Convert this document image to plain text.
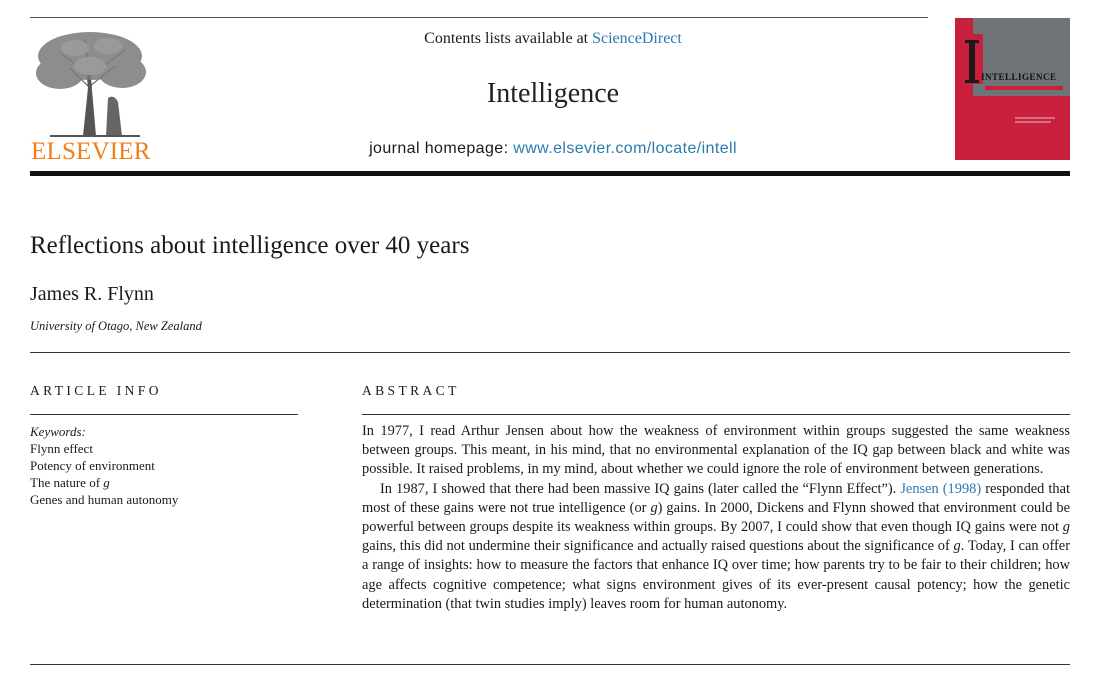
ELSEVIER
Contents lists available at ScienceDirect
Intelligence
journal homepage: www.elsevier.com/locate/intell
INTELLIGENCE
Reflections about intelligence over 40 years
James R. Flynn
University of Otago, New Zealand
ARTICLE INFO
Keywords:
Flynn effect
Potency of environment
The nature of g
Genes and human autonomy
ABSTRACT

In 1977, I read Arthur Jensen about how the weakness of environment within groups suggested the same weakness between groups. This meant, in his mind, that no environmental explanation of the IQ gap between black and white was possible. It raised problems, in my mind, about whether we could ignore the role of environment between generations.

In 1987, I showed that there had been massive IQ gains (later called the “Flynn Effect”). Jensen (1998) responded that most of these gains were not true intelligence (or g) gains. In 2000, Dickens and Flynn showed that environment could be powerful between groups despite its weakness within groups. By 2007, I could show that even though IQ gains were not g gains, this did not undermine their significance and actually raised questions about the significance of g. Today, I can offer a range of insights: how to measure the factors that enhance IQ over time; how parents try to be fair to their children; how age affects cognitive competence; what signs environment gives of its ever-present causal potency; how the genetic determination (that twin studies imply) leaves room for human autonomy.
